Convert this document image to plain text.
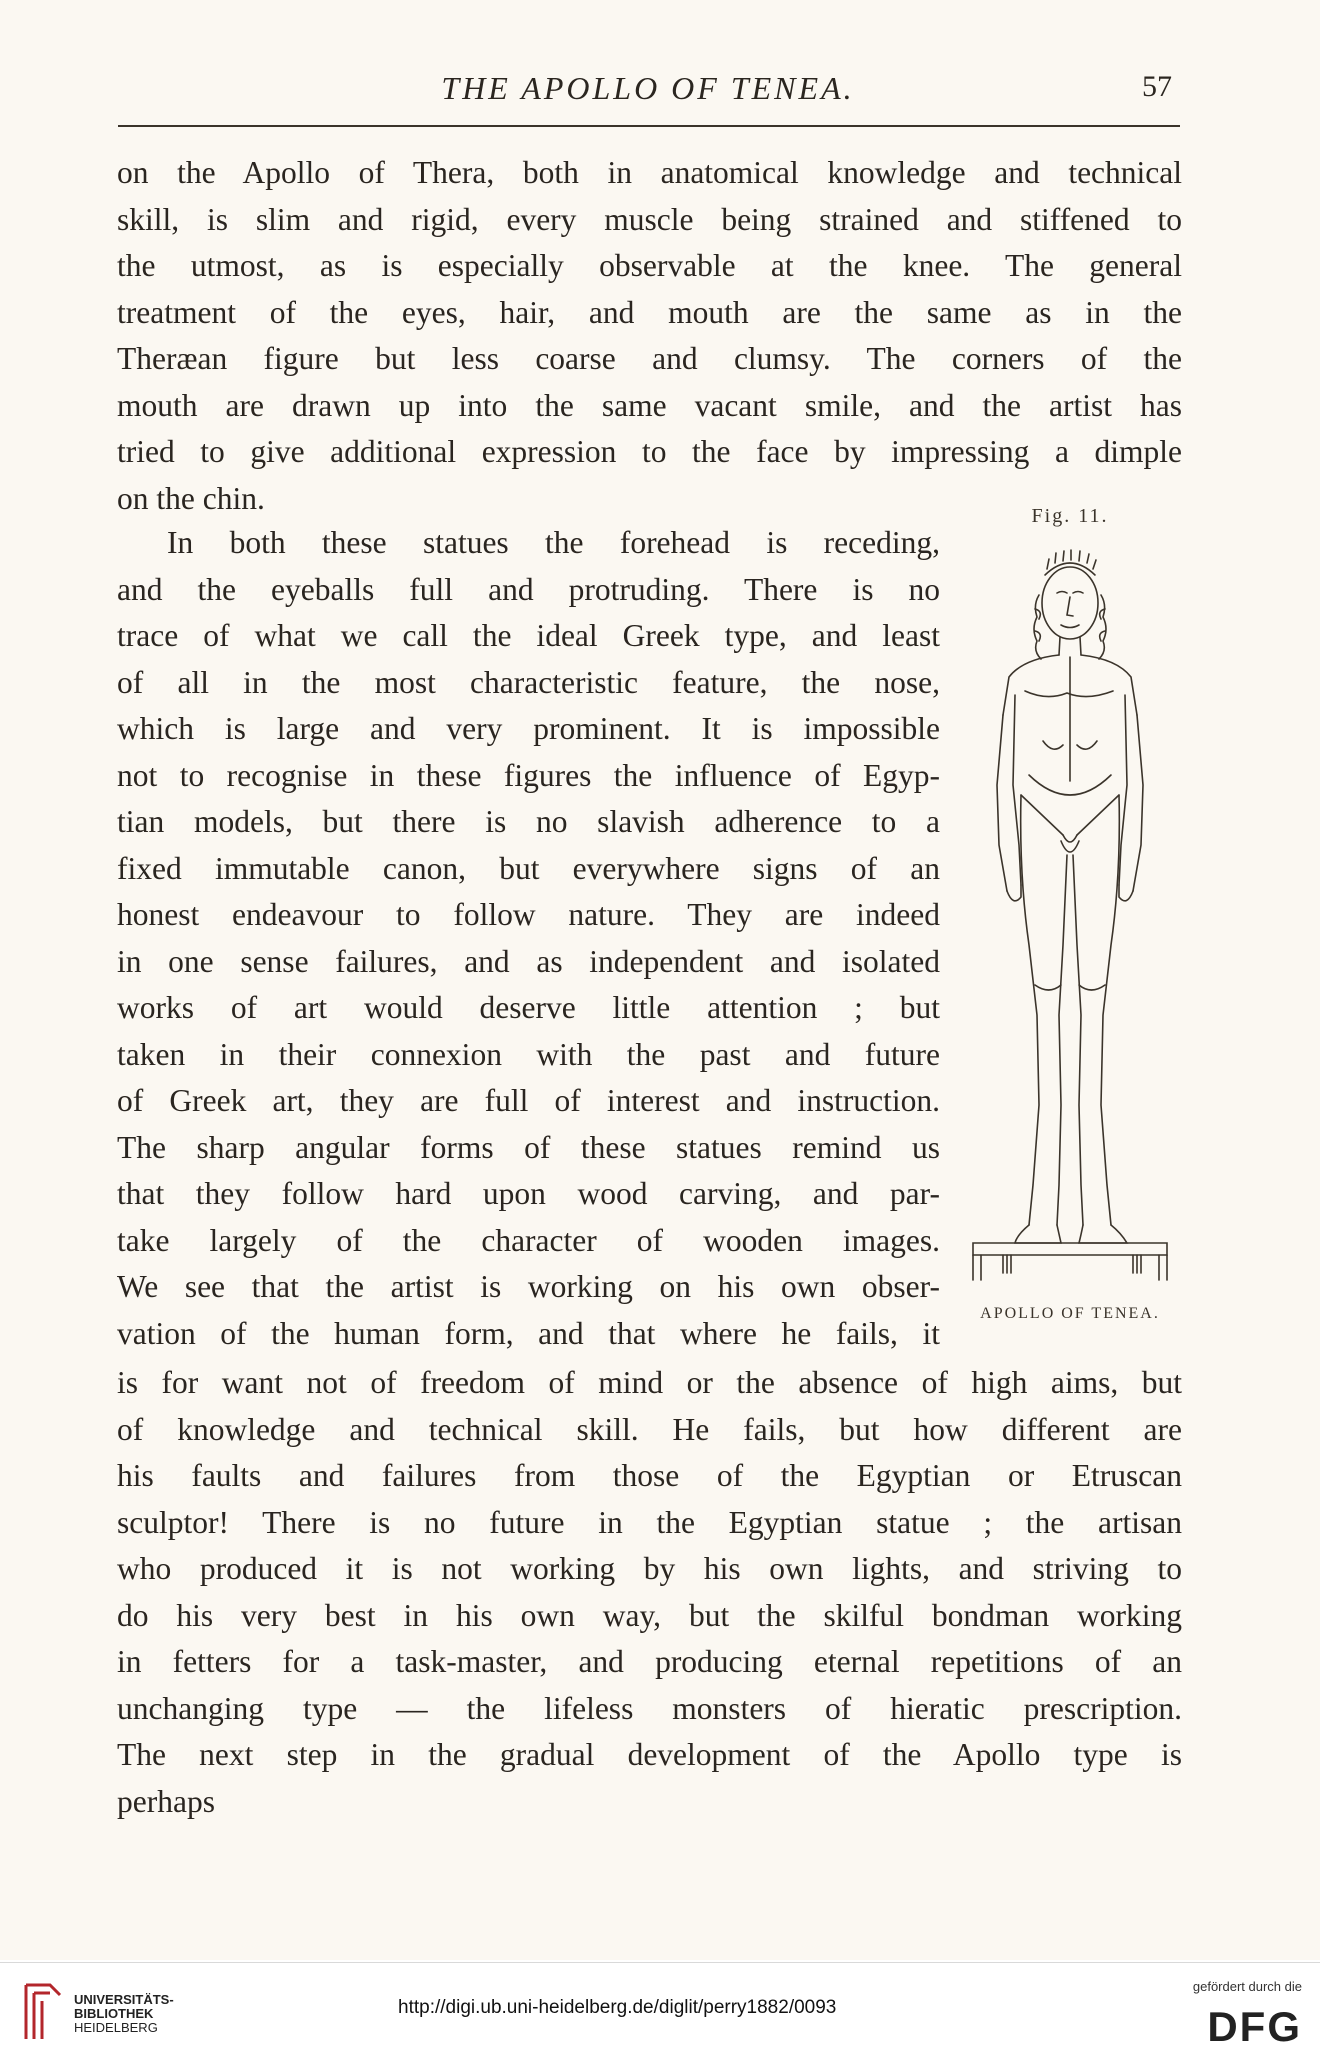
THE APOLLO OF TENEA.	57
on the Apollo of Thera, both in anatomical knowledge and technical
skill, is slim and rigid, every muscle being strained and stiffened to
the utmost, as is especially observable at the knee. The general
treatment of the eyes, hair, and mouth are the same as in the
Theræan figure but less coarse and clumsy. The corners of the
mouth are drawn up into the same vacant smile, and the artist has
tried to give additional expression to the face by impressing a dimple
on the chin.
In both these statues the forehead is receding,
and the eyeballs full and protruding. There is no
trace of what we call the ideal Greek type, and least
of all in the most characteristic feature, the nose,
which is large and very prominent. It is impossible
not to recognise in these figures the influence of Egyp-
tian models, but there is no slavish adherence to a
fixed immutable canon, but everywhere signs of an
honest endeavour to follow nature. They are indeed
in one sense failures, and as independent and isolated
works of art would deserve little attention ; but
taken in their connexion with the past and future
of Greek art, they are full of interest and instruction.
The sharp angular forms of these statues remind us
that they follow hard upon wood carving, and par-
take largely of the character of wooden images.
We see that the artist is working on his own obser-
vation of the human form, and that where he fails, it
is for want not of freedom of mind or the absence of high aims, but
of knowledge and technical skill. He fails, but how different are
his faults and failures from those of the Egyptian or Etruscan
sculptor! There is no future in the Egyptian statue ; the artisan
who produced it is not working by his own lights, and striving to
do his very best in his own way, but the skilful bondman working
in fetters for a task-master, and producing eternal repetitions of an
unchanging type — the lifeless monsters of hieratic prescription.
The next step in the gradual development of the Apollo type is
perhaps
Fig. 11.
APOLLO OF TENEA.
UNIVERSITÄTS-
BIBLIOTHEK
HEIDELBERG
http://digi.ub.uni-heidelberg.de/diglit/perry1882/0093
gefördert durch die
DFG
